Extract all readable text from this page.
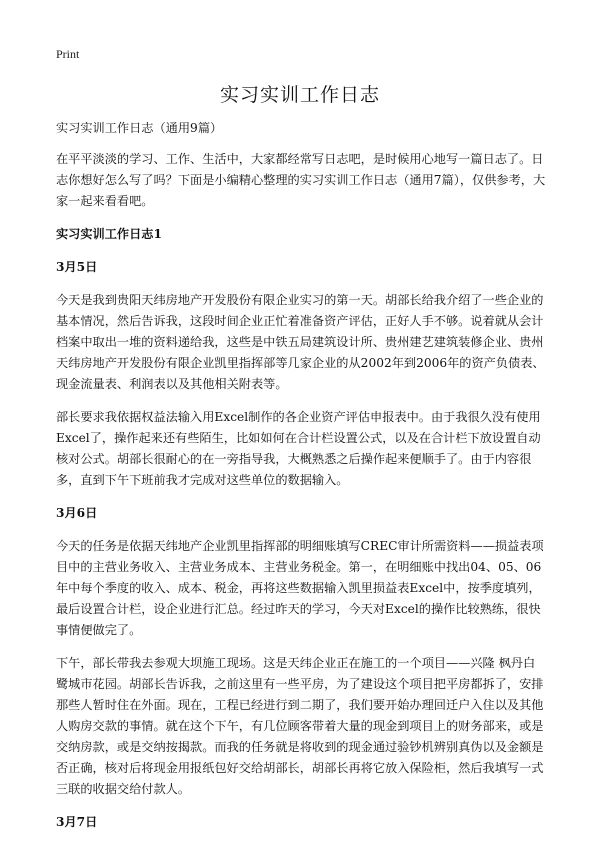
Print
实习实训工作日志

实习实训工作日志（通用9篇）

在平平淡淡的学习、工作、生活中，大家都经常写日志吧，是时候用心地写一篇日志了。日志你想好怎么写了吗？下面是小编精心整理的实习实训工作日志（通用7篇），仅供参考，大家一起来看看吧。

实习实训工作日志1

3月5日

今天是我到贵阳天纬房地产开发股份有限企业实习的第一天。胡部长给我介绍了一些企业的基本情况，然后告诉我，这段时间企业正忙着准备资产评估，正好人手不够。说着就从会计档案中取出一堆的资料递给我，这些是中铁五局建筑设计所、贵州建艺建筑装修企业、贵州天纬房地产开发股份有限企业凯里指挥部等几家企业的从2002年到2006年的资产负债表、现金流量表、利润表以及其他相关附表等。

部长要求我依据权益法输入用Excel制作的各企业资产评估申报表中。由于我很久没有使用Excel了，操作起来还有些陌生，比如如何在合计栏设置公式，以及在合计栏下放设置自动核对公式。胡部长很耐心的在一旁指导我，大概熟悉之后操作起来便顺手了。由于内容很多，直到下午下班前我才完成对这些单位的数据输入。

3月6日

今天的任务是依据天纬地产企业凯里指挥部的明细账填写CREC审计所需资料——损益表项目中的主营业务收入、主营业务成本、主营业务税金。第一，在明细账中找出04、05、06年中每个季度的收入、成本、税金，再将这些数据输入凯里损益表Excel中，按季度填列，最后设置合计栏，设企业进行汇总。经过昨天的学习，今天对Excel的操作比较熟练，很快事情便做完了。

下午，部长带我去参观大坝施工现场。这是天纬企业正在施工的一个项目——兴隆 枫丹白鹭城市花园。胡部长告诉我，之前这里有一些平房，为了建设这个项目把平房都拆了，安排那些人暂时住在外面。现在，工程已经进行到二期了，我们要开始办理回迁户入住以及其他人购房交款的事情。就在这个下午，有几位顾客带着大量的现金到项目上的财务部来，或是交纳房款，或是交纳按揭款。而我的任务就是将收到的现金通过验钞机辨别真伪以及金额是否正确，核对后将现金用报纸包好交给胡部长，胡部长再将它放入保险柜，然后我填写一式三联的收据交给付款人。

3月7日
